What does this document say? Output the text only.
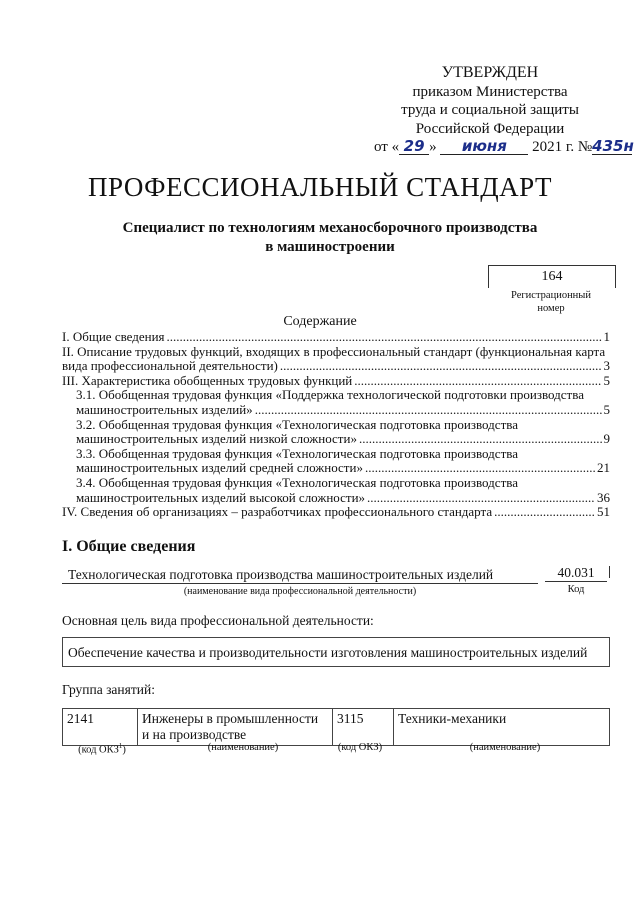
УТВЕРЖДЕН
приказом Министерства
труда и социальной защиты
Российской Федерации
от « 29 » июня 2021 г. №435н
ПРОФЕССИОНАЛЬНЫЙ СТАНДАРТ
Специалист по технологиям механосборочного производства
в машиностроении
164
Регистрационный
номер
Содержание
I. Общие сведения .....	1
II. Описание трудовых функций, входящих в профессиональный стандарт (функциональная карта
вида профессиональной деятельности) .....	3
III. Характеристика обобщенных трудовых функций .....	5
3.1. Обобщенная трудовая функция «Поддержка технологической подготовки производства
машиностроительных изделий» .....	5
3.2. Обобщенная трудовая функция «Технологическая подготовка производства
машиностроительных изделий низкой сложности» .....	9
3.3. Обобщенная трудовая функция «Технологическая подготовка производства
машиностроительных изделий средней сложности» .....	21
3.4. Обобщенная трудовая функция «Технологическая подготовка производства
машиностроительных изделий высокой сложности» .....	36
IV. Сведения об организациях – разработчиках профессионального стандарта .....	51
I. Общие сведения
Технологическая подготовка производства машиностроительных изделий	40.031
(наименование вида профессиональной деятельности)	Код
Основная цель вида профессиональной деятельности:
Обеспечение качества и производительности изготовления машиностроительных изделий
Группа занятий:
2141	Инженеры в промышленности и на производстве	3115	Техники-механики
(код ОКЗ$^1$)	(наименование)	(код ОКЗ)	(наименование)
